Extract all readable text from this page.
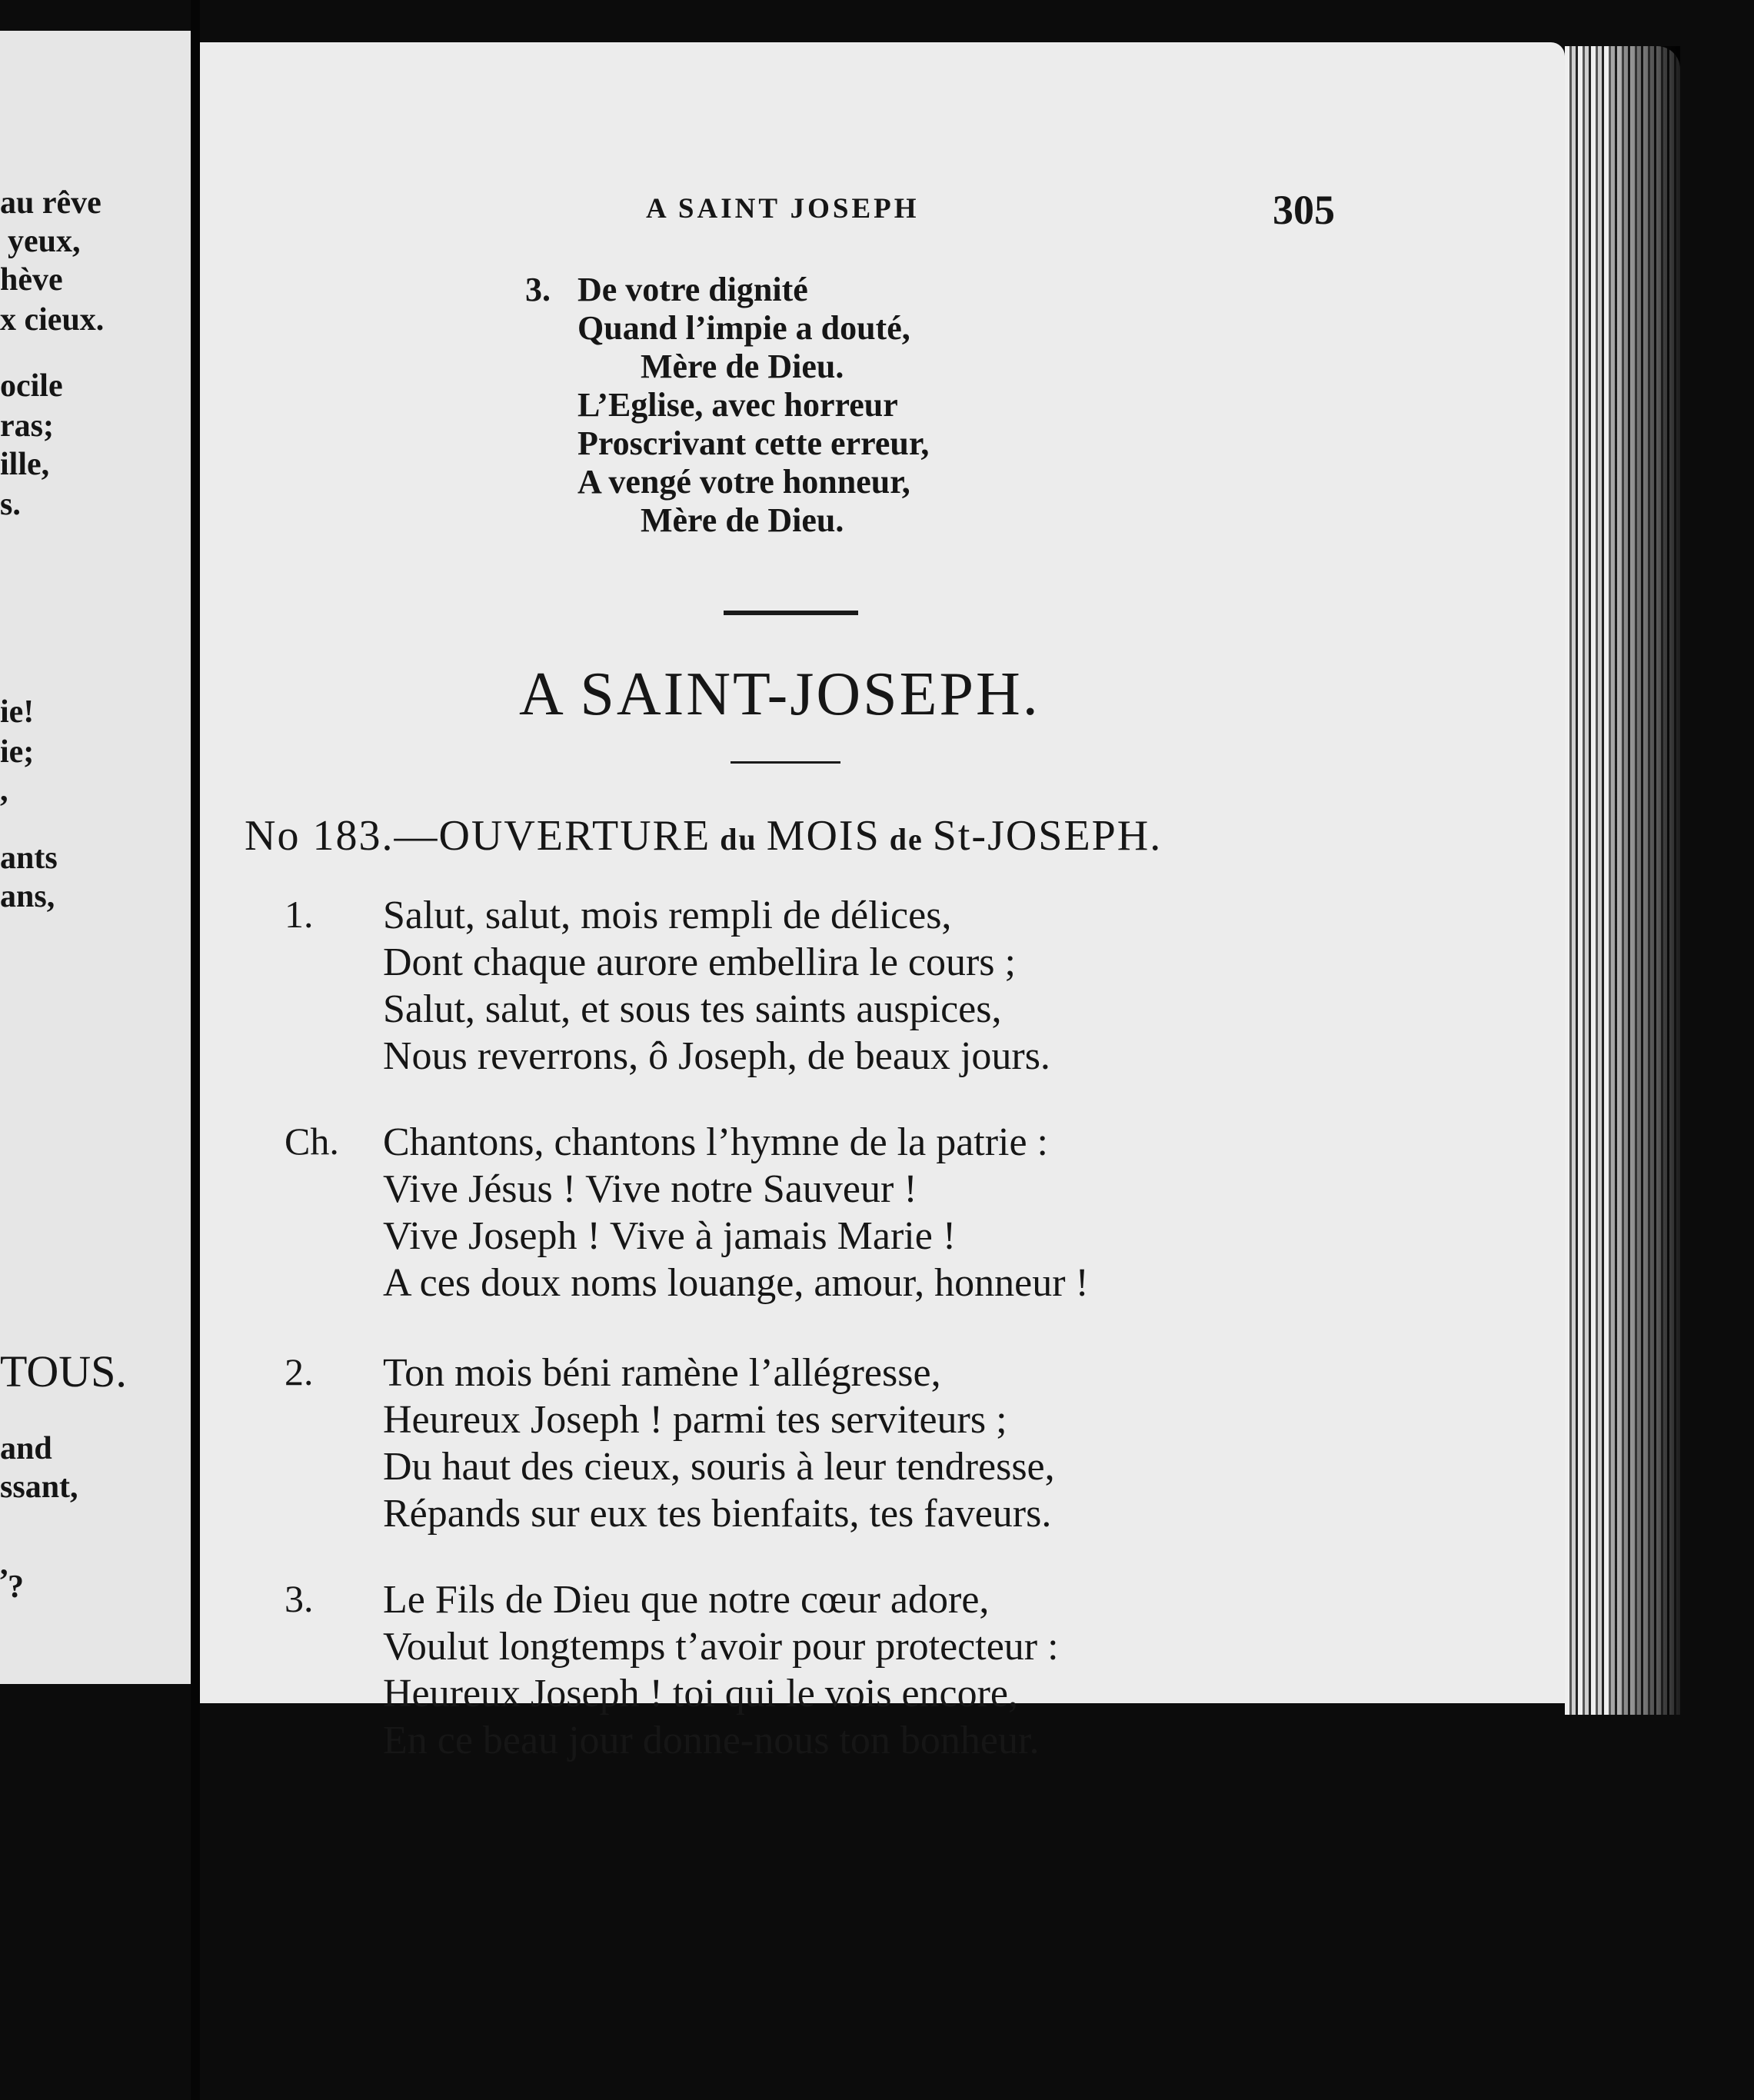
au rêve
yeux,
hève
x cieux.
ocile
ras;
ille,
s.
ie!
ie;
,
ants
ans,
TOUS.
and
ssant,
,
?
A SAINT JOSEPH	305
3. De votre dignité
Quand l’impie a douté,
Mère de Dieu.
L’Eglise, avec horreur
Proscrivant cette erreur,
A vengé votre honneur,
Mère de Dieu.
A SAINT-JOSEPH.
No 183.—OUVERTURE du MOIS de St-JOSEPH.
1. Salut, salut, mois rempli de délices,
Dont chaque aurore embellira le cours ;
Salut, salut, et sous tes saints auspices,
Nous reverrons, ô Joseph, de beaux jours.
Ch. Chantons, chantons l’hymne de la patrie :
Vive Jésus ! Vive notre Sauveur !
Vive Joseph ! Vive à jamais Marie !
A ces doux noms louange, amour, honneur !
2. Ton mois béni ramène l’allégresse,
Heureux Joseph ! parmi tes serviteurs ;
Du haut des cieux, souris à leur tendresse,
Répands sur eux tes bienfaits, tes faveurs.
3. Le Fils de Dieu que notre cœur adore,
Voulut longtemps t’avoir pour protecteur :
Heureux Joseph ! toi qui le vois encore,
En ce beau jour donne-nous ton bonheur.
